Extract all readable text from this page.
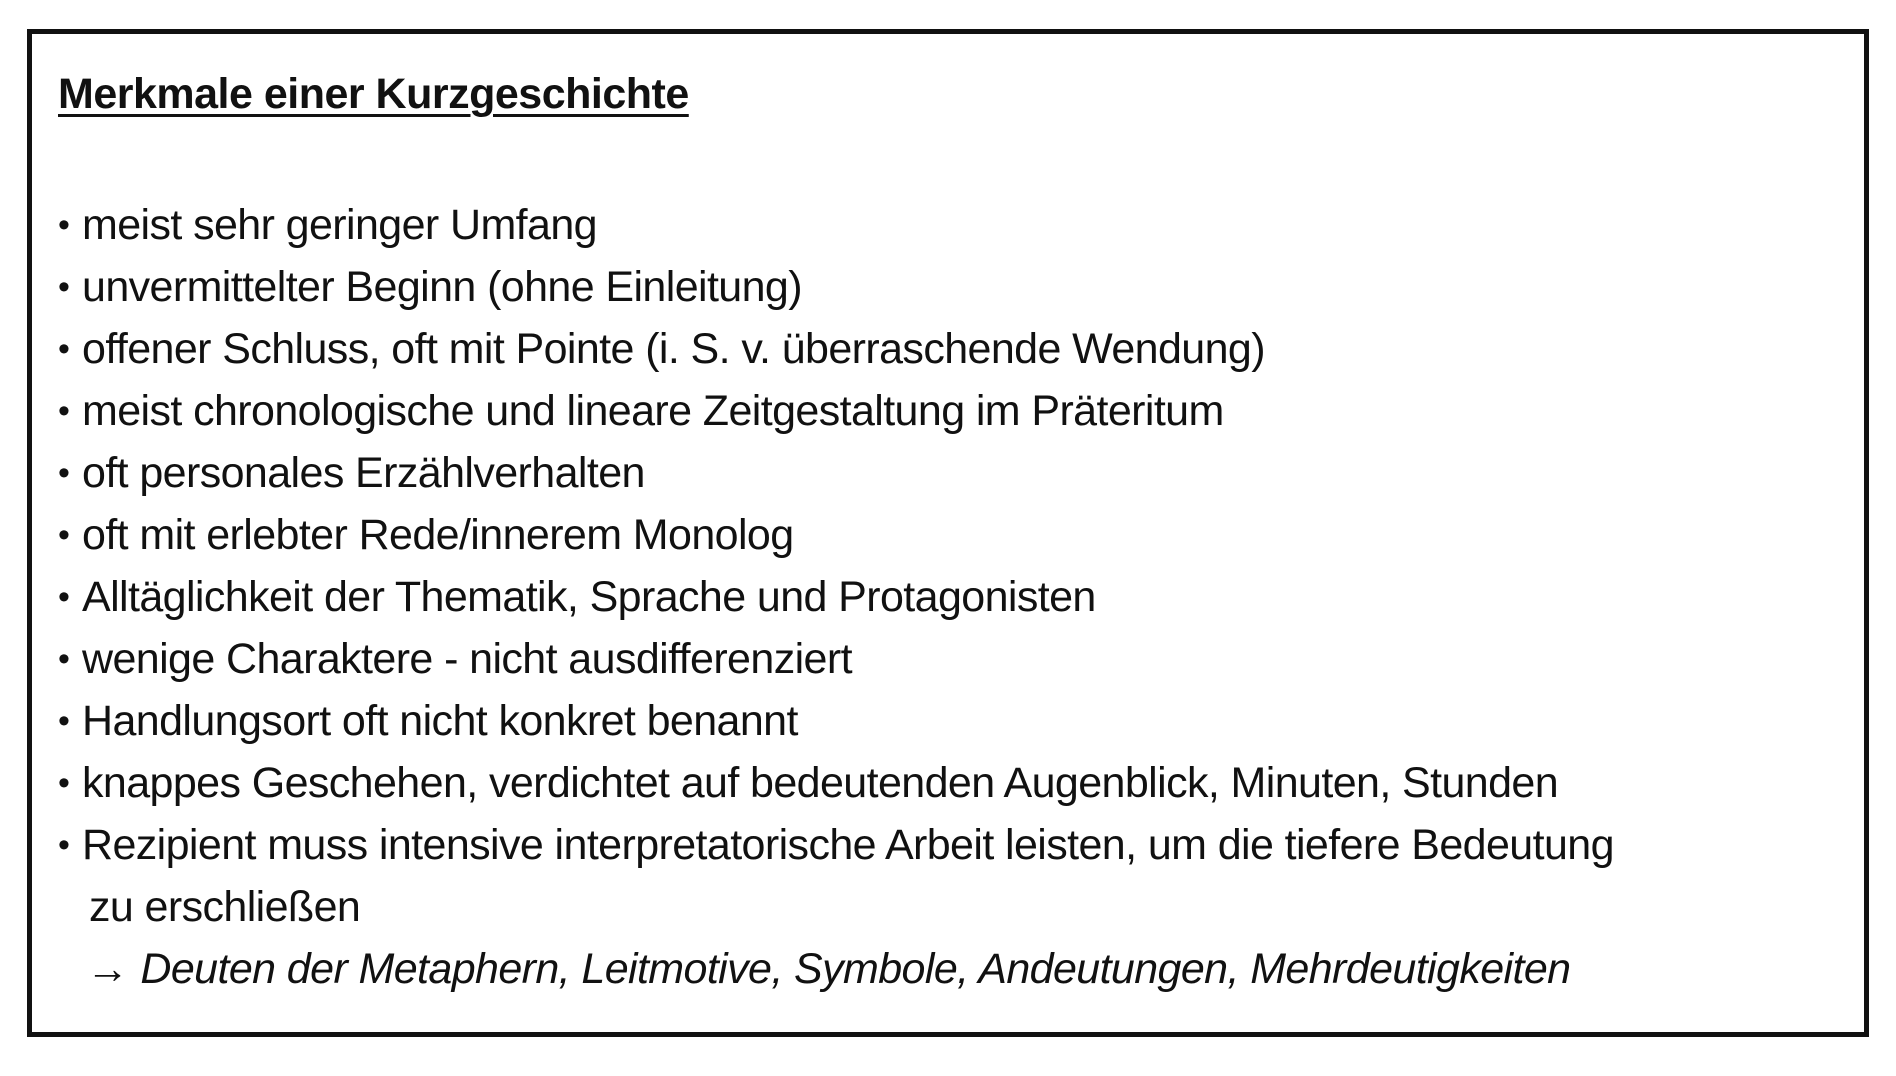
Merkmale einer Kurzgeschichte
• meist sehr geringer Umfang
• unvermittelter Beginn (ohne Einleitung)
• offener Schluss, oft mit Pointe (i. S. v. überraschende Wendung)
• meist chronologische und lineare Zeitgestaltung im Präteritum
• oft personales Erzählverhalten
• oft mit erlebter Rede/innerem Monolog
• Alltäglichkeit der Thematik, Sprache und Protagonisten
• wenige Charaktere - nicht ausdifferenziert
• Handlungsort oft nicht konkret benannt
• knappes Geschehen, verdichtet auf bedeutenden Augenblick, Minuten, Stunden
• Rezipient muss intensive interpretatorische Arbeit leisten, um die tiefere Bedeutung
zu erschließen
→ Deuten der Metaphern, Leitmotive, Symbole, Andeutungen, Mehrdeutigkeiten
